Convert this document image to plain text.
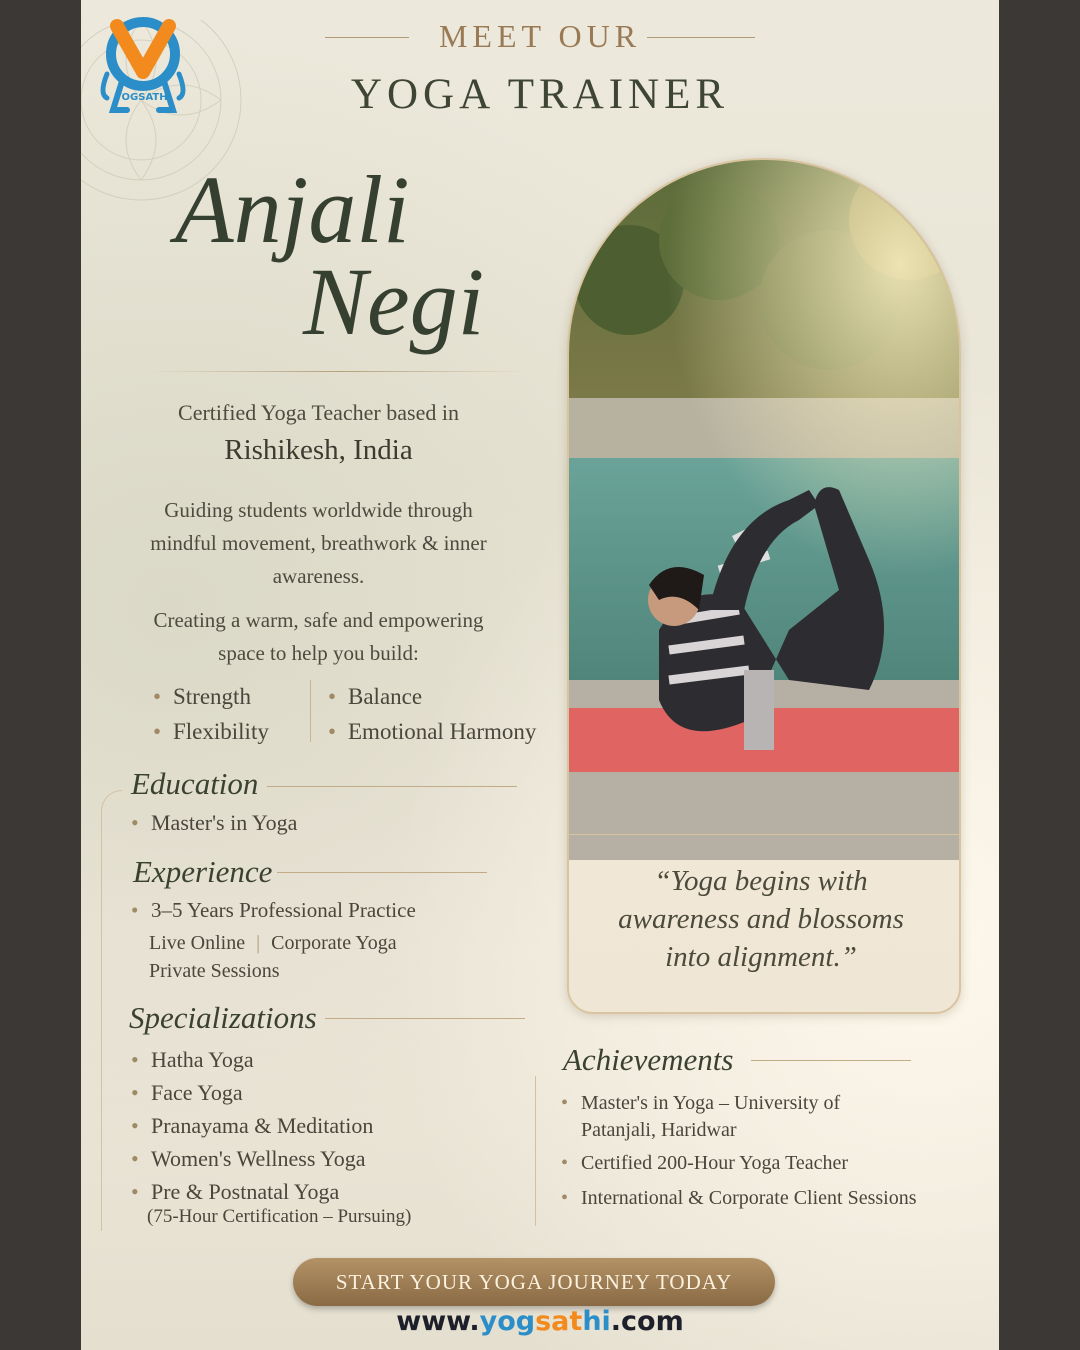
YOGSATHI
MEET OUR
YOGA TRAINER
Anjali
Negi
Certified Yoga Teacher based in
Rishikesh, India
Guiding students worldwide through
mindful movement, breathwork & inner
awareness.
Creating a warm, safe and empowering
space to help you build:
• Strength
• Flexibility
• Balance
• Emotional Harmony
Education
• Master's in Yoga
Experience
• 3–5 Years Professional Practice
Live Online | Corporate Yoga
Private Sessions
Specializations
• Hatha Yoga
• Face Yoga
• Pranayama & Meditation
• Women's Wellness Yoga
• Pre & Postnatal Yoga
(75-Hour Certification – Pursuing)
“Yoga begins with
awareness and blossoms
into alignment.”
Achievements
• Master's in Yoga – University of
Patanjali, Haridwar
• Certified 200-Hour Yoga Teacher
• International & Corporate Client Sessions
START YOUR YOGA JOURNEY TODAY
www.yogsathi.com
